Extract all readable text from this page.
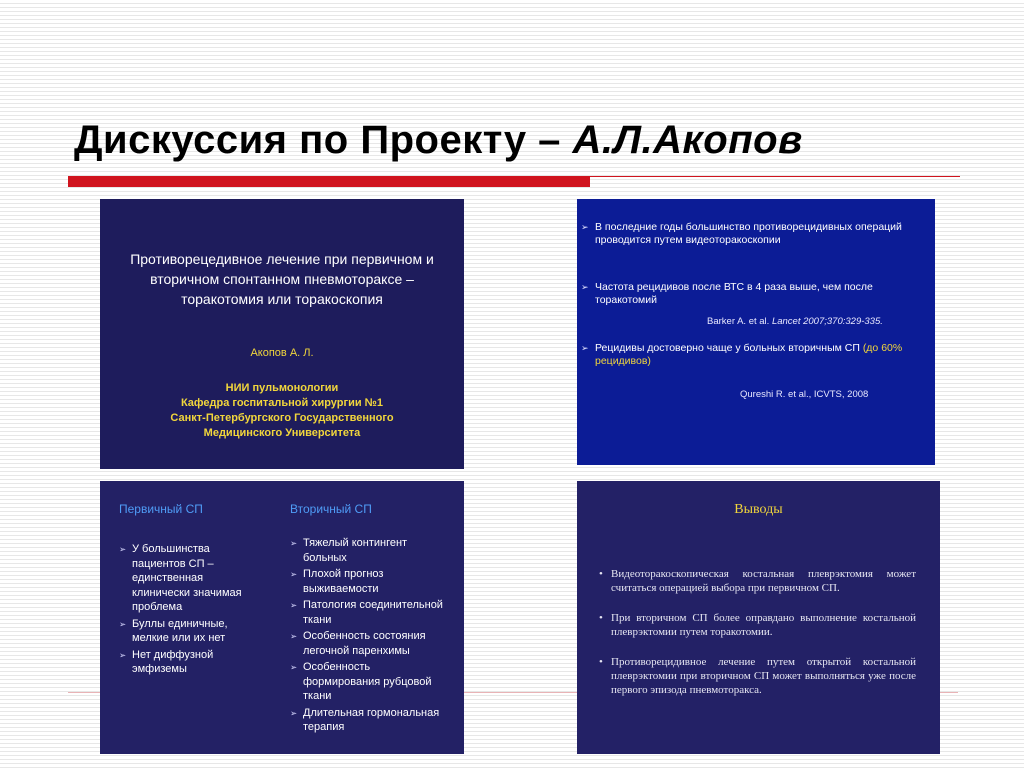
Дискуссия по Проекту – А.Л.Акопов

Противорецедивное лечение при первичном и вторичном спонтанном пневмотораксе – торакотомия или торакоскопия

Акопов А. Л.

НИИ пульмонологии
Кафедра госпитальной хирургии №1
Санкт-Петербургского Государственного
Медицинского Университета
➢ В последние годы большинство противорецидивных операций проводится путем видеоторакоскопии
➢ Частота рецидивов после ВТС в 4 раза выше, чем после торакотомий
➢ Рецидивы достоверно чаще у больных вторичным СП (до 60% рецидивов)
Barker A. et al. Lancet 2007;370:329-335.
Qureshi R. et al., ICVTS, 2008

Первичный СП	Вторичный СП

➢ У большинства пациентов СП – единственная клинически значимая проблема
➢ Буллы единичные, мелкие или их нет
➢ Нет диффузной эмфиземы
➢ Тяжелый контингент больных
➢ Плохой прогноз выживаемости
➢ Патология соединительной ткани
➢ Особенность состояния легочной паренхимы
➢ Особенность формирования рубцовой ткани
➢ Длительная гормональная терапия

Выводы

• Видеоторакоскопическая костальная плеврэктомия может считаться операцией выбора при первичном СП.
• При вторичном СП более оправдано выполнение костальной плеврэктомии путем торакотомии.
• Противорецидивное лечение путем открытой костальной плеврэктомии при вторичном СП может выполняться уже после первого эпизода пневмоторакса.
